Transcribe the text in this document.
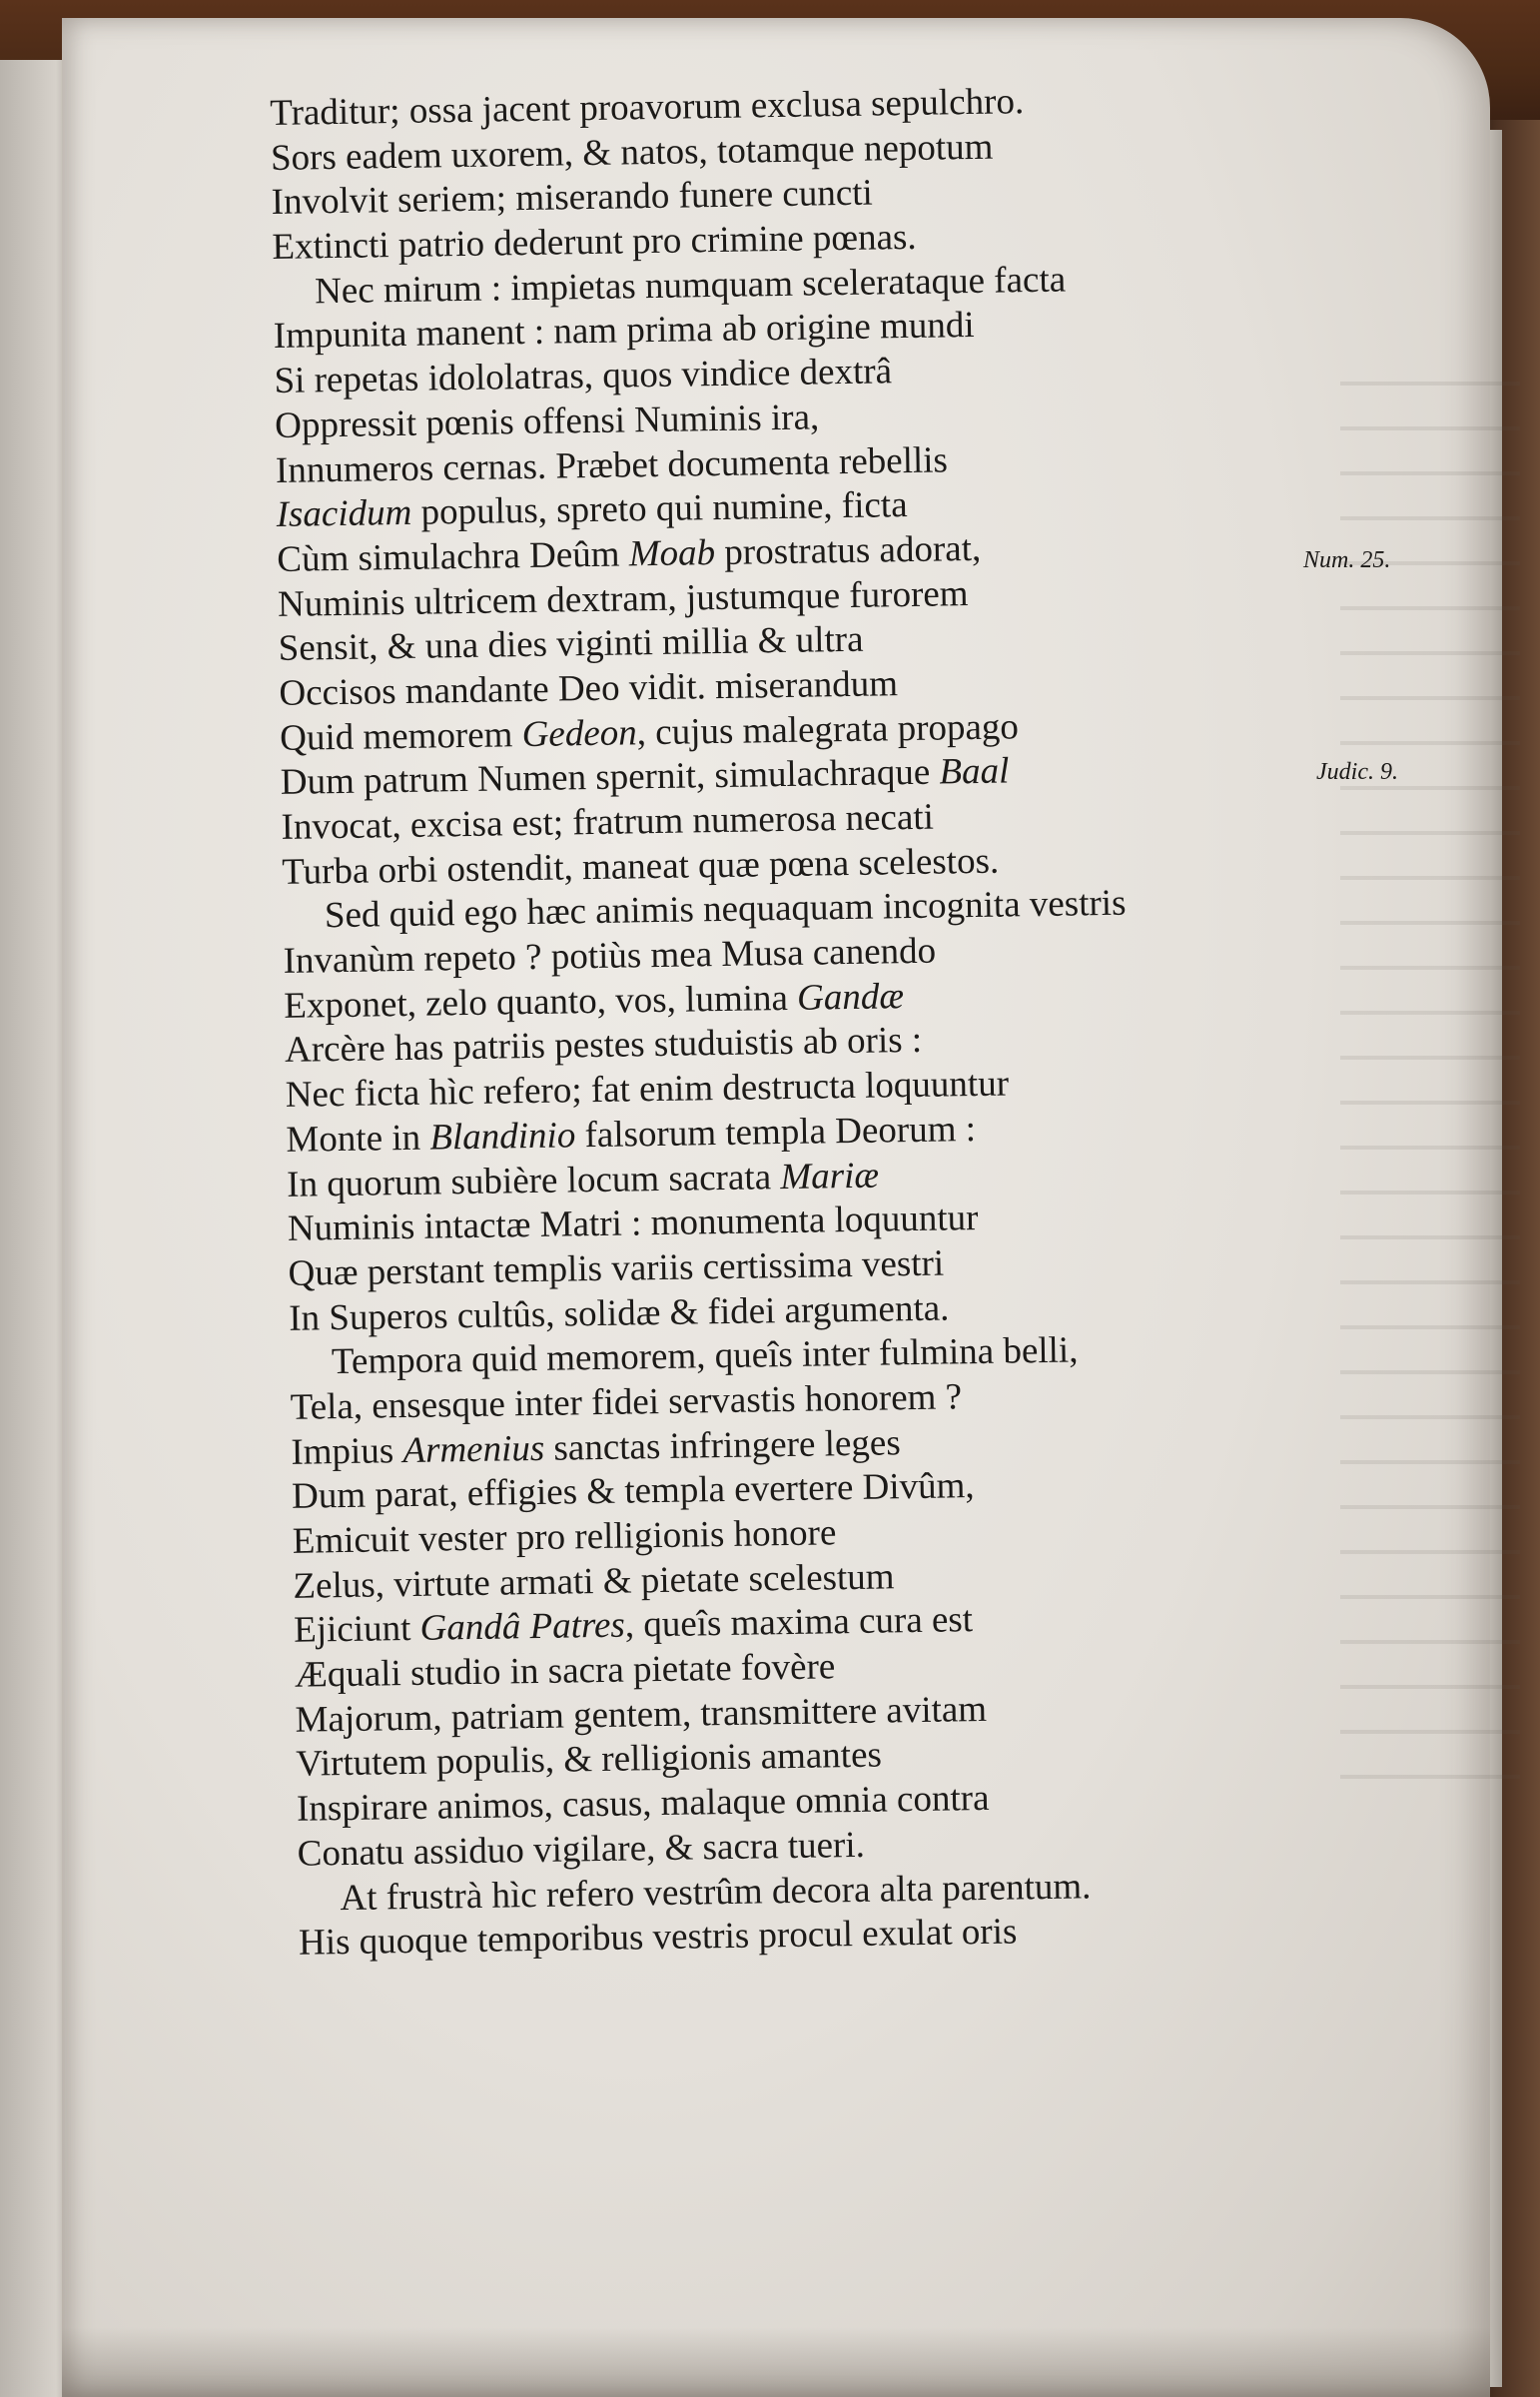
Traditur; ossa jacent proavorum exclusa sepulchro.
Sors eadem uxorem, & natos, totamque nepotum
Involvit seriem; miserando funere cuncti
Extincti patrio dederunt pro crimine pœnas.
Nec mirum : impietas numquam scelerataque facta
Impunita manent : nam prima ab origine mundi
Si repetas idololatras, quos vindice dextrâ
Oppressit pœnis offensi Numinis ira,
Innumeros cernas. Præbet documenta rebellis
Isacidum populus, spreto qui numine, ficta
Cùm simulachra Deûm Moab prostratus adorat,
Numinis ultricem dextram, justumque furorem
Sensit, & una dies viginti millia & ultra
Occisos mandante Deo vidit. miserandum
Quid memorem Gedeon, cujus malegrata propago
Dum patrum Numen spernit, simulachraque Baal
Invocat, excisa est; fratrum numerosa necati
Turba orbi ostendit, maneat quæ pœna scelestos.
Sed quid ego hæc animis nequaquam incognita vestris
Invanùm repeto ? potiùs mea Musa canendo
Exponet, zelo quanto, vos, lumina Gandæ
Arcère has patriis pestes studuistis ab oris :
Nec ficta hìc refero; fat enim destructa loquuntur
Monte in Blandinio falsorum templa Deorum :
In quorum subière locum sacrata Mariæ
Numinis intactæ Matri : monumenta loquuntur
Quæ perstant templis variis certissima vestri
In Superos cultûs, solidæ & fidei argumenta.
Tempora quid memorem, queîs inter fulmina belli,
Tela, ensesque inter fidei servastis honorem ?
Impius Armenius sanctas infringere leges
Dum parat, effigies & templa evertere Divûm,
Emicuit vester pro relligionis honore
Zelus, virtute armati & pietate scelestum
Ejiciunt Gandâ Patres, queîs maxima cura est
Æquali studio in sacra pietate fovère
Majorum, patriam gentem, transmittere avitam
Virtutem populis, & relligionis amantes
Inspirare animos, casus, malaque omnia contra
Conatu assiduo vigilare, & sacra tueri.
At frustrà hìc refero vestrûm decora alta parentum.
His quoque temporibus vestris procul exulat oris
Num. 25.
Judic. 9.
